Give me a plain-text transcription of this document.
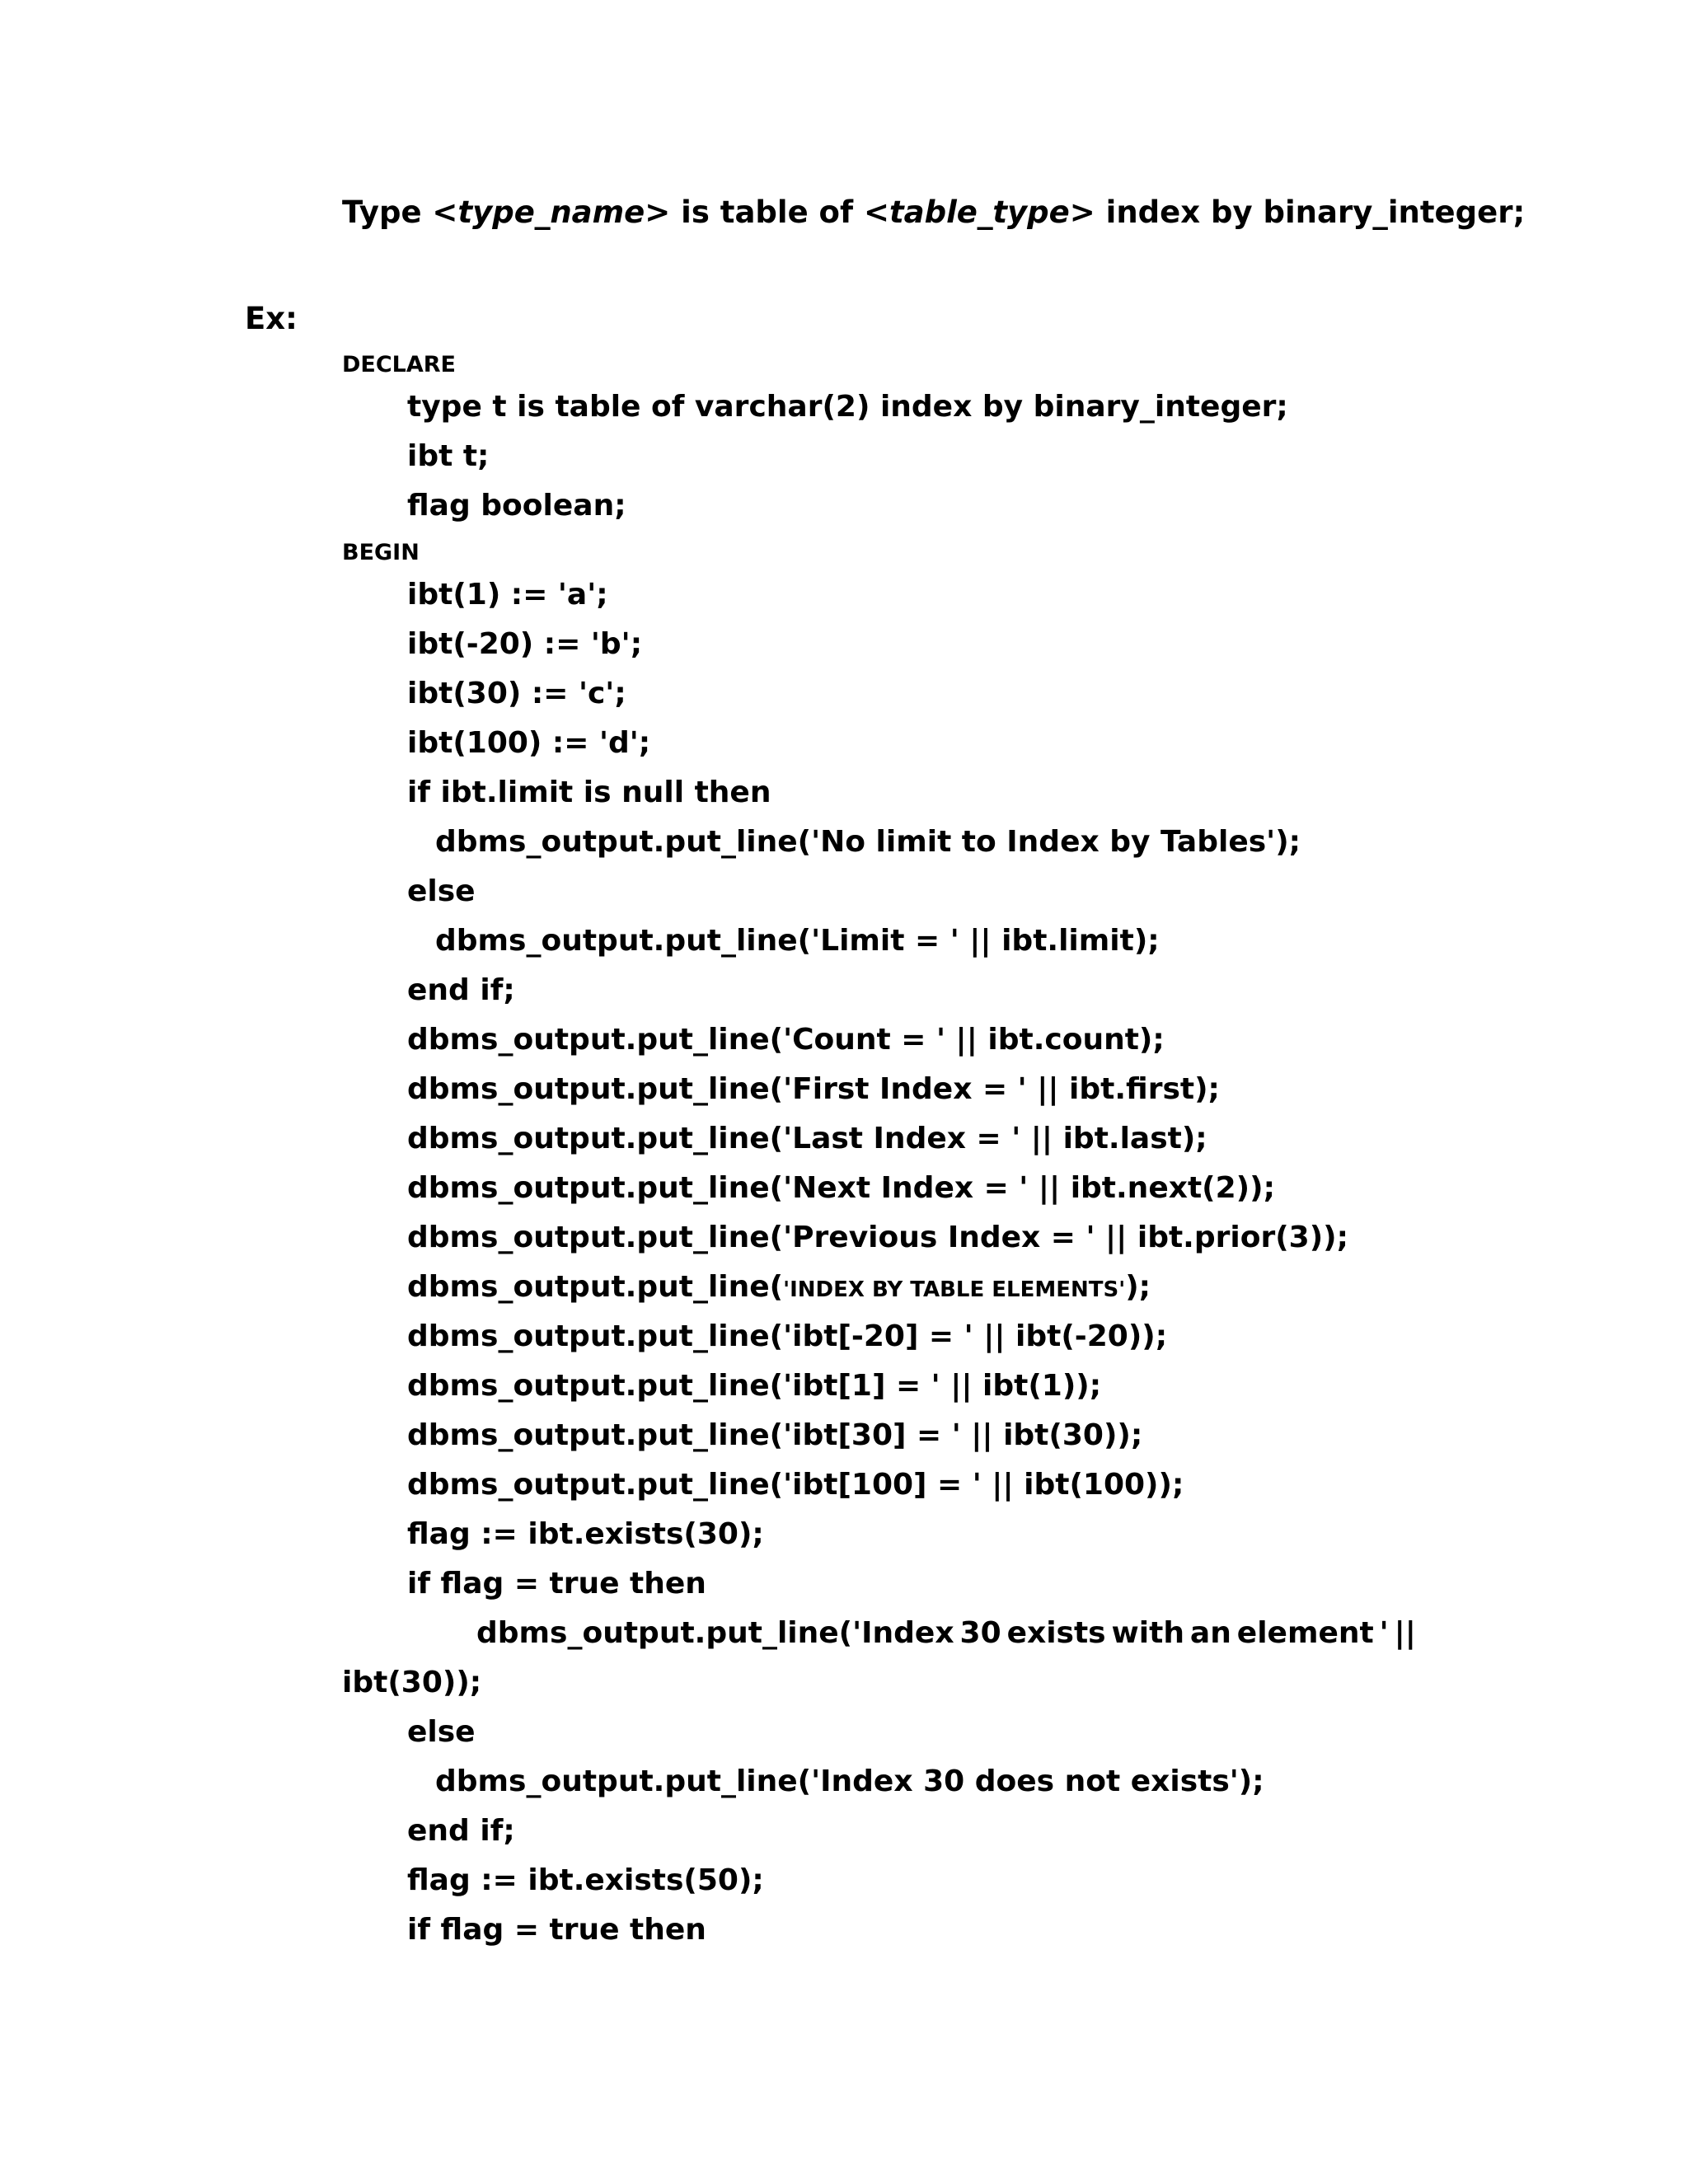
Type <type_name> is table of <table_type> index by binary_integer;
Ex:
DECLARE
type t is table of varchar(2) index by binary_integer;
ibt t;
flag boolean;
BEGIN
ibt(1) := 'a';
ibt(-20) := 'b';
ibt(30) := 'c';
ibt(100) := 'd';
if ibt.limit is null then
dbms_output.put_line('No limit to Index by Tables');
else
dbms_output.put_line('Limit = ' || ibt.limit);
end if;
dbms_output.put_line('Count = ' || ibt.count);
dbms_output.put_line('First Index = ' || ibt.first);
dbms_output.put_line('Last Index = ' || ibt.last);
dbms_output.put_line('Next Index = ' || ibt.next(2));
dbms_output.put_line('Previous Index = ' || ibt.prior(3));
dbms_output.put_line('INDEX BY TABLE ELEMENTS');
dbms_output.put_line('ibt[-20] = ' || ibt(-20));
dbms_output.put_line('ibt[1] = ' || ibt(1));
dbms_output.put_line('ibt[30] = ' || ibt(30));
dbms_output.put_line('ibt[100] = ' || ibt(100));
flag := ibt.exists(30);
if flag = true then
dbms_output.put_line('Index 30 exists with an element ' ||
ibt(30));
else
dbms_output.put_line('Index 30 does not exists');
end if;
flag := ibt.exists(50);
if flag = true then
